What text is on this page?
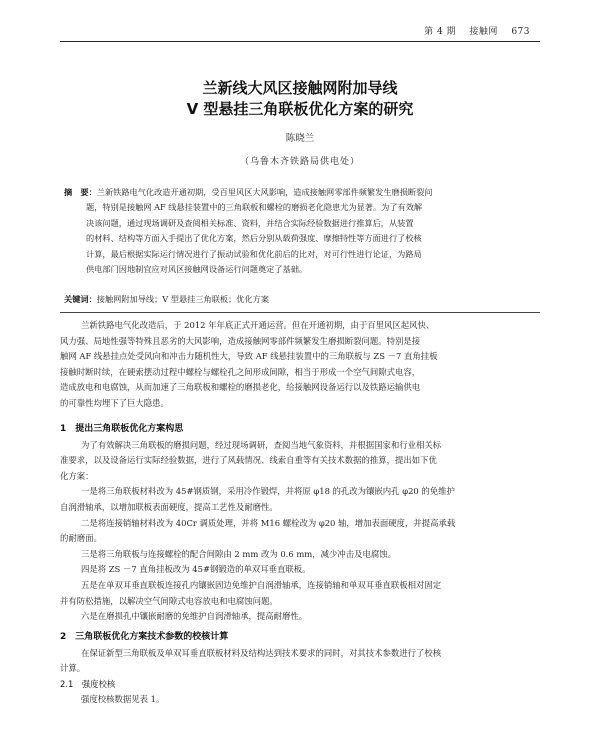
第 4 期 接触网 673
兰新线大风区接触网附加导线
V 型悬挂三角联板优化方案的研究
陈晓兰
（乌鲁木齐铁路局供电处）
摘　要：兰新铁路电气化改造开通初期，受百里风区大风影响，造成接触网零部件频繁发生磨损断裂问
题，特别是接触网 AF 线悬挂装置中的三角联板和螺栓的磨损老化隐患尤为显著。为了有效解
决该问题，通过现场调研及查阅相关标准、资料，并结合实际经验数据进行推算后，从装置
的材料、结构等方面入手提出了优化方案，然后分别从载荷强度、摩擦特性等方面进行了校核
计算，最后根据实际运行情况进行了振动试验和优化前后的比对，对可行性进行论证，为路局
供电部门因地制宜应对风区接触网设备运行问题奠定了基础。
关键词：接触网附加导线；V 型悬挂三角联板；优化方案
兰新铁路电气化改造后，于 2012 年年底正式开通运营。但在开通初期，由于百里风区起风快、
风力强、局地性强等特殊且恶劣的大风影响，造成接触网零部件频繁发生磨损断裂问题。特别是接
触网 AF 线悬挂点处受风向和冲击力随机性大，导致 AF 线悬挂装置中的三角联板与 ZS －7 直角挂板
接触时断时续，在硬索摆动过程中螺栓与螺栓孔之间形成间隙，相当于形成一个空气间隙式电容，
造成放电和电腐蚀，从而加速了三角联板和螺栓的磨损老化，给接触网设备运行以及铁路运输供电
的可靠性均埋下了巨大隐患。
1　提出三角联板优化方案构思
为了有效解决三角联板的磨损问题，经过现场调研，查阅当地气象资料，并根据国家和行业相关标
准要求，以及设备运行实际经验数据，进行了风载情况、线索自重等有关技术数据的推算，提出如下优
化方案：
一是将三角联板材料改为 45#钢质钢，采用冷作锻焊，并将原 φ18 的孔改为镶嵌内孔 φ20 的免维护
自润滑轴承，以增加联板表面硬度，提高工艺性及耐磨性。
二是将连接销轴材料改为 40Cr 调质处理，并将 M16 螺栓改为 φ20 轴，增加表面硬度，并提高承载
的耐磨面。
三是将三角联板与连接螺栓的配合间隙由 2 mm 改为 0.6 mm，减少冲击及电腐蚀。
四是将 ZS －7 直角挂板改为 45#钢锻造的单双耳垂直联板。
五是在单双耳垂直联板连接孔内镶嵌固边免维护自润滑轴承，连接销轴和单双耳垂直联板相对固定
并有防松措施，以解决空气间隙式电容放电和电腐蚀问题。
六是在磨损孔中镶嵌耐磨的免维护自润滑轴承，提高耐磨性。
2　三角联板优化方案技术参数的校核计算
在保证新型三角联板及单双耳垂直联板材料及结构达到技术要求的同时，对其技术参数进行了校核
计算。
2.1　强度校核
强度校核数据见表 1。
